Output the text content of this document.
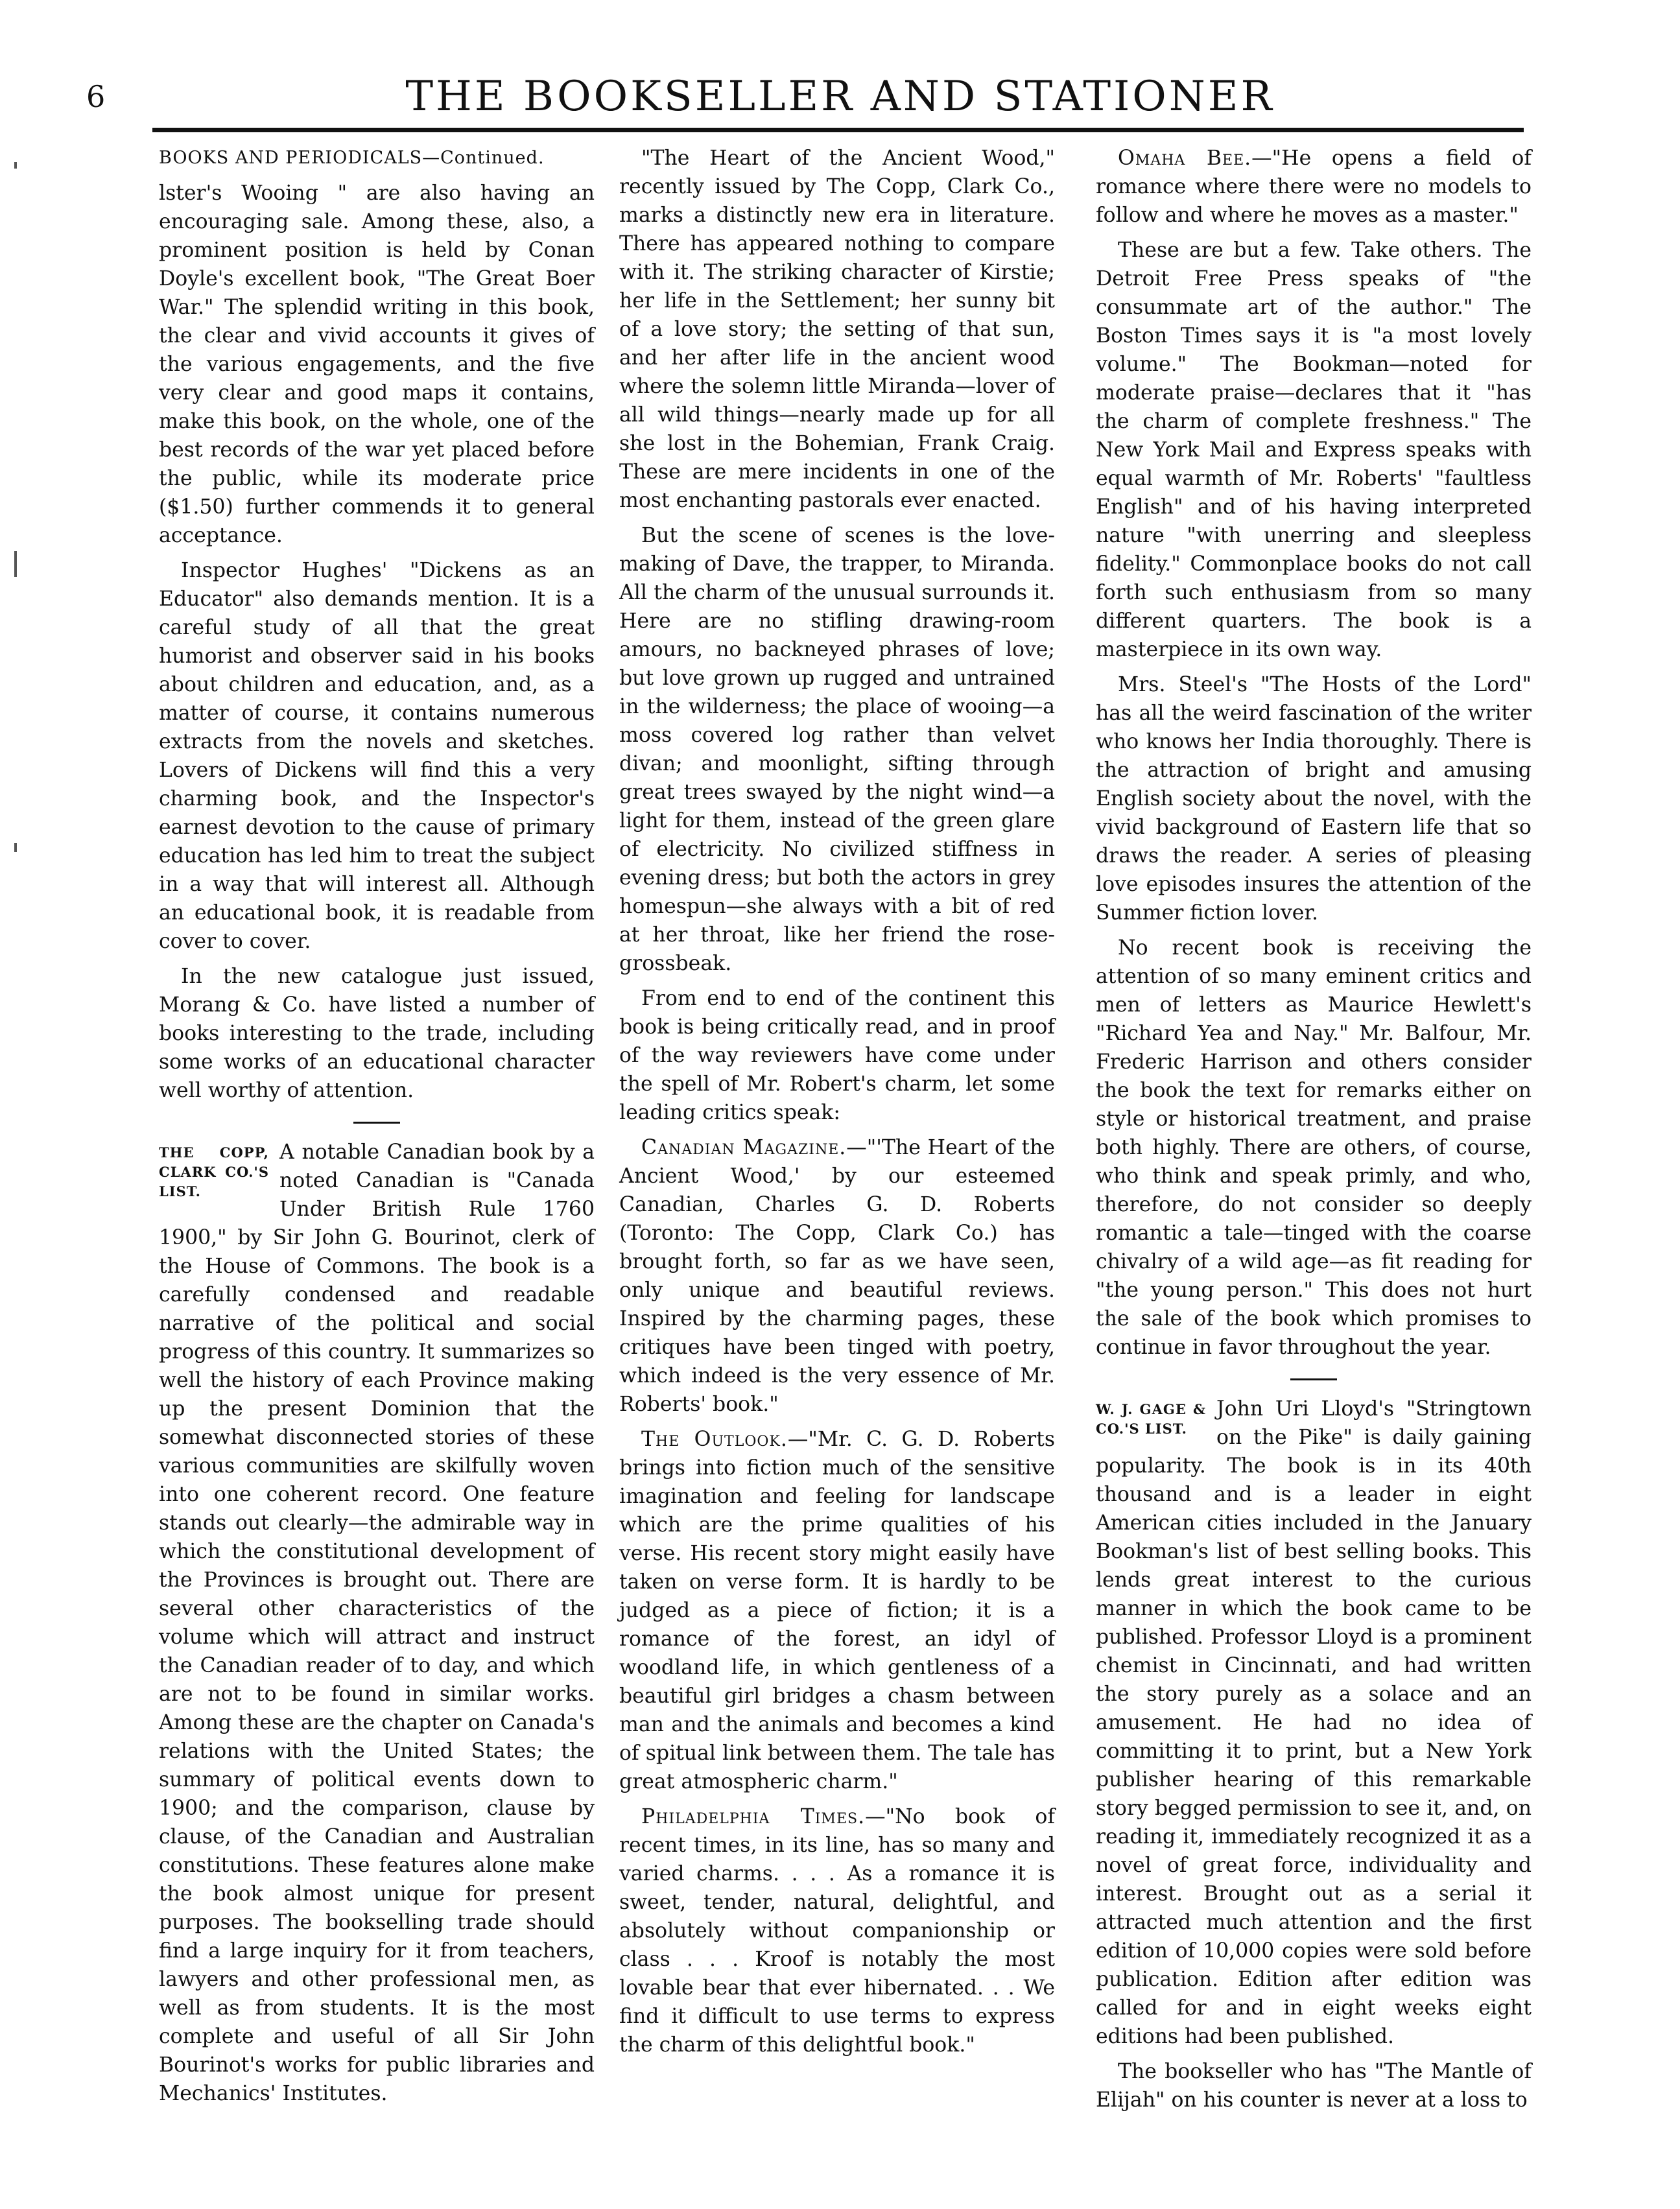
6	THE BOOKSELLER AND STATIONER

BOOKS AND PERIODICALS—Continued.

lster's Wooing " are also having an encouraging sale. Among these, also, a prominent position is held by Conan Doyle's excellent book, "The Great Boer War." The splendid writing in this book, the clear and vivid accounts it gives of the various engagements, and the five very clear and good maps it contains, make this book, on the whole, one of the best records of the war yet placed before the public, while its moderate price ($1.50) further commends it to general acceptance.

Inspector Hughes' "Dickens as an Educator" also demands mention. It is a careful study of all that the great humorist and observer said in his books about children and education, and, as a matter of course, it contains numerous extracts from the novels and sketches. Lovers of Dickens will find this a very charming book, and the Inspector's earnest devotion to the cause of primary education has led him to treat the subject in a way that will interest all. Although an educational book, it is readable from cover to cover.

In the new catalogue just issued, Morang & Co. have listed a number of books interesting to the trade, including some works of an educational character well worthy of attention.

THE COPP, CLARK CO.'S LIST.

A notable Canadian book by a noted Canadian is "Canada Under British Rule 1760 1900," by Sir John G. Bourinot, clerk of the House of Commons. The book is a carefully condensed and readable narrative of the political and social progress of this country. It summarizes so well the history of each Province making up the present Dominion that the somewhat disconnected stories of these various communities are skilfully woven into one coherent record. One feature stands out clearly—the admirable way in which the constitutional development of the Provinces is brought out. There are several other characteristics of the volume which will attract and instruct the Canadian reader of to day, and which are not to be found in similar works. Among these are the chapter on Canada's relations with the United States; the summary of political events down to 1900; and the comparison, clause by clause, of the Canadian and Australian constitutions. These features alone make the book almost unique for present purposes. The bookselling trade should find a large inquiry for it from teachers, lawyers and other professional men, as well as from students. It is the most complete and useful of all Sir John Bourinot's works for public libraries and Mechanics' Institutes.

"The Heart of the Ancient Wood," recently issued by The Copp, Clark Co., marks a distinctly new era in literature. There has appeared nothing to compare with it. The striking character of Kirstie; her life in the Settlement; her sunny bit of a love story; the setting of that sun, and her after life in the ancient wood where the solemn little Miranda—lover of all wild things—nearly made up for all she lost in the Bohemian, Frank Craig. These are mere incidents in one of the most enchanting pastorals ever enacted.

But the scene of scenes is the love-making of Dave, the trapper, to Miranda. All the charm of the unusual surrounds it. Here are no stifling drawing-room amours, no backneyed phrases of love; but love grown up rugged and untrained in the wilderness; the place of wooing—a moss covered log rather than velvet divan; and moonlight, sifting through great trees swayed by the night wind—a light for them, instead of the green glare of electricity. No civilized stiffness in evening dress; but both the actors in grey homespun—she always with a bit of red at her throat, like her friend the rose-grossbeak.

From end to end of the continent this book is being critically read, and in proof of the way reviewers have come under the spell of Mr. Robert's charm, let some leading critics speak:

Canadian Magazine.—"'The Heart of the Ancient Wood,' by our esteemed Canadian, Charles G. D. Roberts (Toronto: The Copp, Clark Co.) has brought forth, so far as we have seen, only unique and beautiful reviews. Inspired by the charming pages, these critiques have been tinged with poetry, which indeed is the very essence of Mr. Roberts' book."

The Outlook.—"Mr. C. G. D. Roberts brings into fiction much of the sensitive imagination and feeling for landscape which are the prime qualities of his verse. His recent story might easily have taken on verse form. It is hardly to be judged as a piece of fiction; it is a romance of the forest, an idyl of woodland life, in which gentleness of a beautiful girl bridges a chasm between man and the animals and becomes a kind of spitual link between them. The tale has great atmospheric charm."

Philadelphia Times.—"No book of recent times, in its line, has so many and varied charms. . . . As a romance it is sweet, tender, natural, delightful, and absolutely without companionship or class . . . Kroof is notably the most lovable bear that ever hibernated. . . We find it difficult to use terms to express the charm of this delightful book."

Omaha Bee.—"He opens a field of romance where there were no models to follow and where he moves as a master."

These are but a few. Take others. The Detroit Free Press speaks of "the consummate art of the author." The Boston Times says it is "a most lovely volume." The Bookman—noted for moderate praise—declares that it "has the charm of complete freshness." The New York Mail and Express speaks with equal warmth of Mr. Roberts' "faultless English" and of his having interpreted nature "with unerring and sleepless fidelity." Commonplace books do not call forth such enthusiasm from so many different quarters. The book is a masterpiece in its own way.

Mrs. Steel's "The Hosts of the Lord" has all the weird fascination of the writer who knows her India thoroughly. There is the attraction of bright and amusing English society about the novel, with the vivid background of Eastern life that so draws the reader. A series of pleasing love episodes insures the attention of the Summer fiction lover.

No recent book is receiving the attention of so many eminent critics and men of letters as Maurice Hewlett's "Richard Yea and Nay." Mr. Balfour, Mr. Frederic Harrison and others consider the book the text for remarks either on style or historical treatment, and praise both highly. There are others, of course, who think and speak primly, and who, therefore, do not consider so deeply romantic a tale—tinged with the coarse chivalry of a wild age—as fit reading for "the young person." This does not hurt the sale of the book which promises to continue in favor throughout the year.

W. J. GAGE & CO.'S LIST.

John Uri Lloyd's "Stringtown on the Pike" is daily gaining popularity. The book is in its 40th thousand and is a leader in eight American cities included in the January Bookman's list of best selling books. This lends great interest to the curious manner in which the book came to be published. Professor Lloyd is a prominent chemist in Cincinnati, and had written the story purely as a solace and an amusement. He had no idea of committing it to print, but a New York publisher hearing of this remarkable story begged permission to see it, and, on reading it, immediately recognized it as a novel of great force, individuality and interest. Brought out as a serial it attracted much attention and the first edition of 10,000 copies were sold before publication. Edition after edition was called for and in eight weeks eight editions had been published.

The bookseller who has "The Mantle of Elijah" on his counter is never at a loss to
